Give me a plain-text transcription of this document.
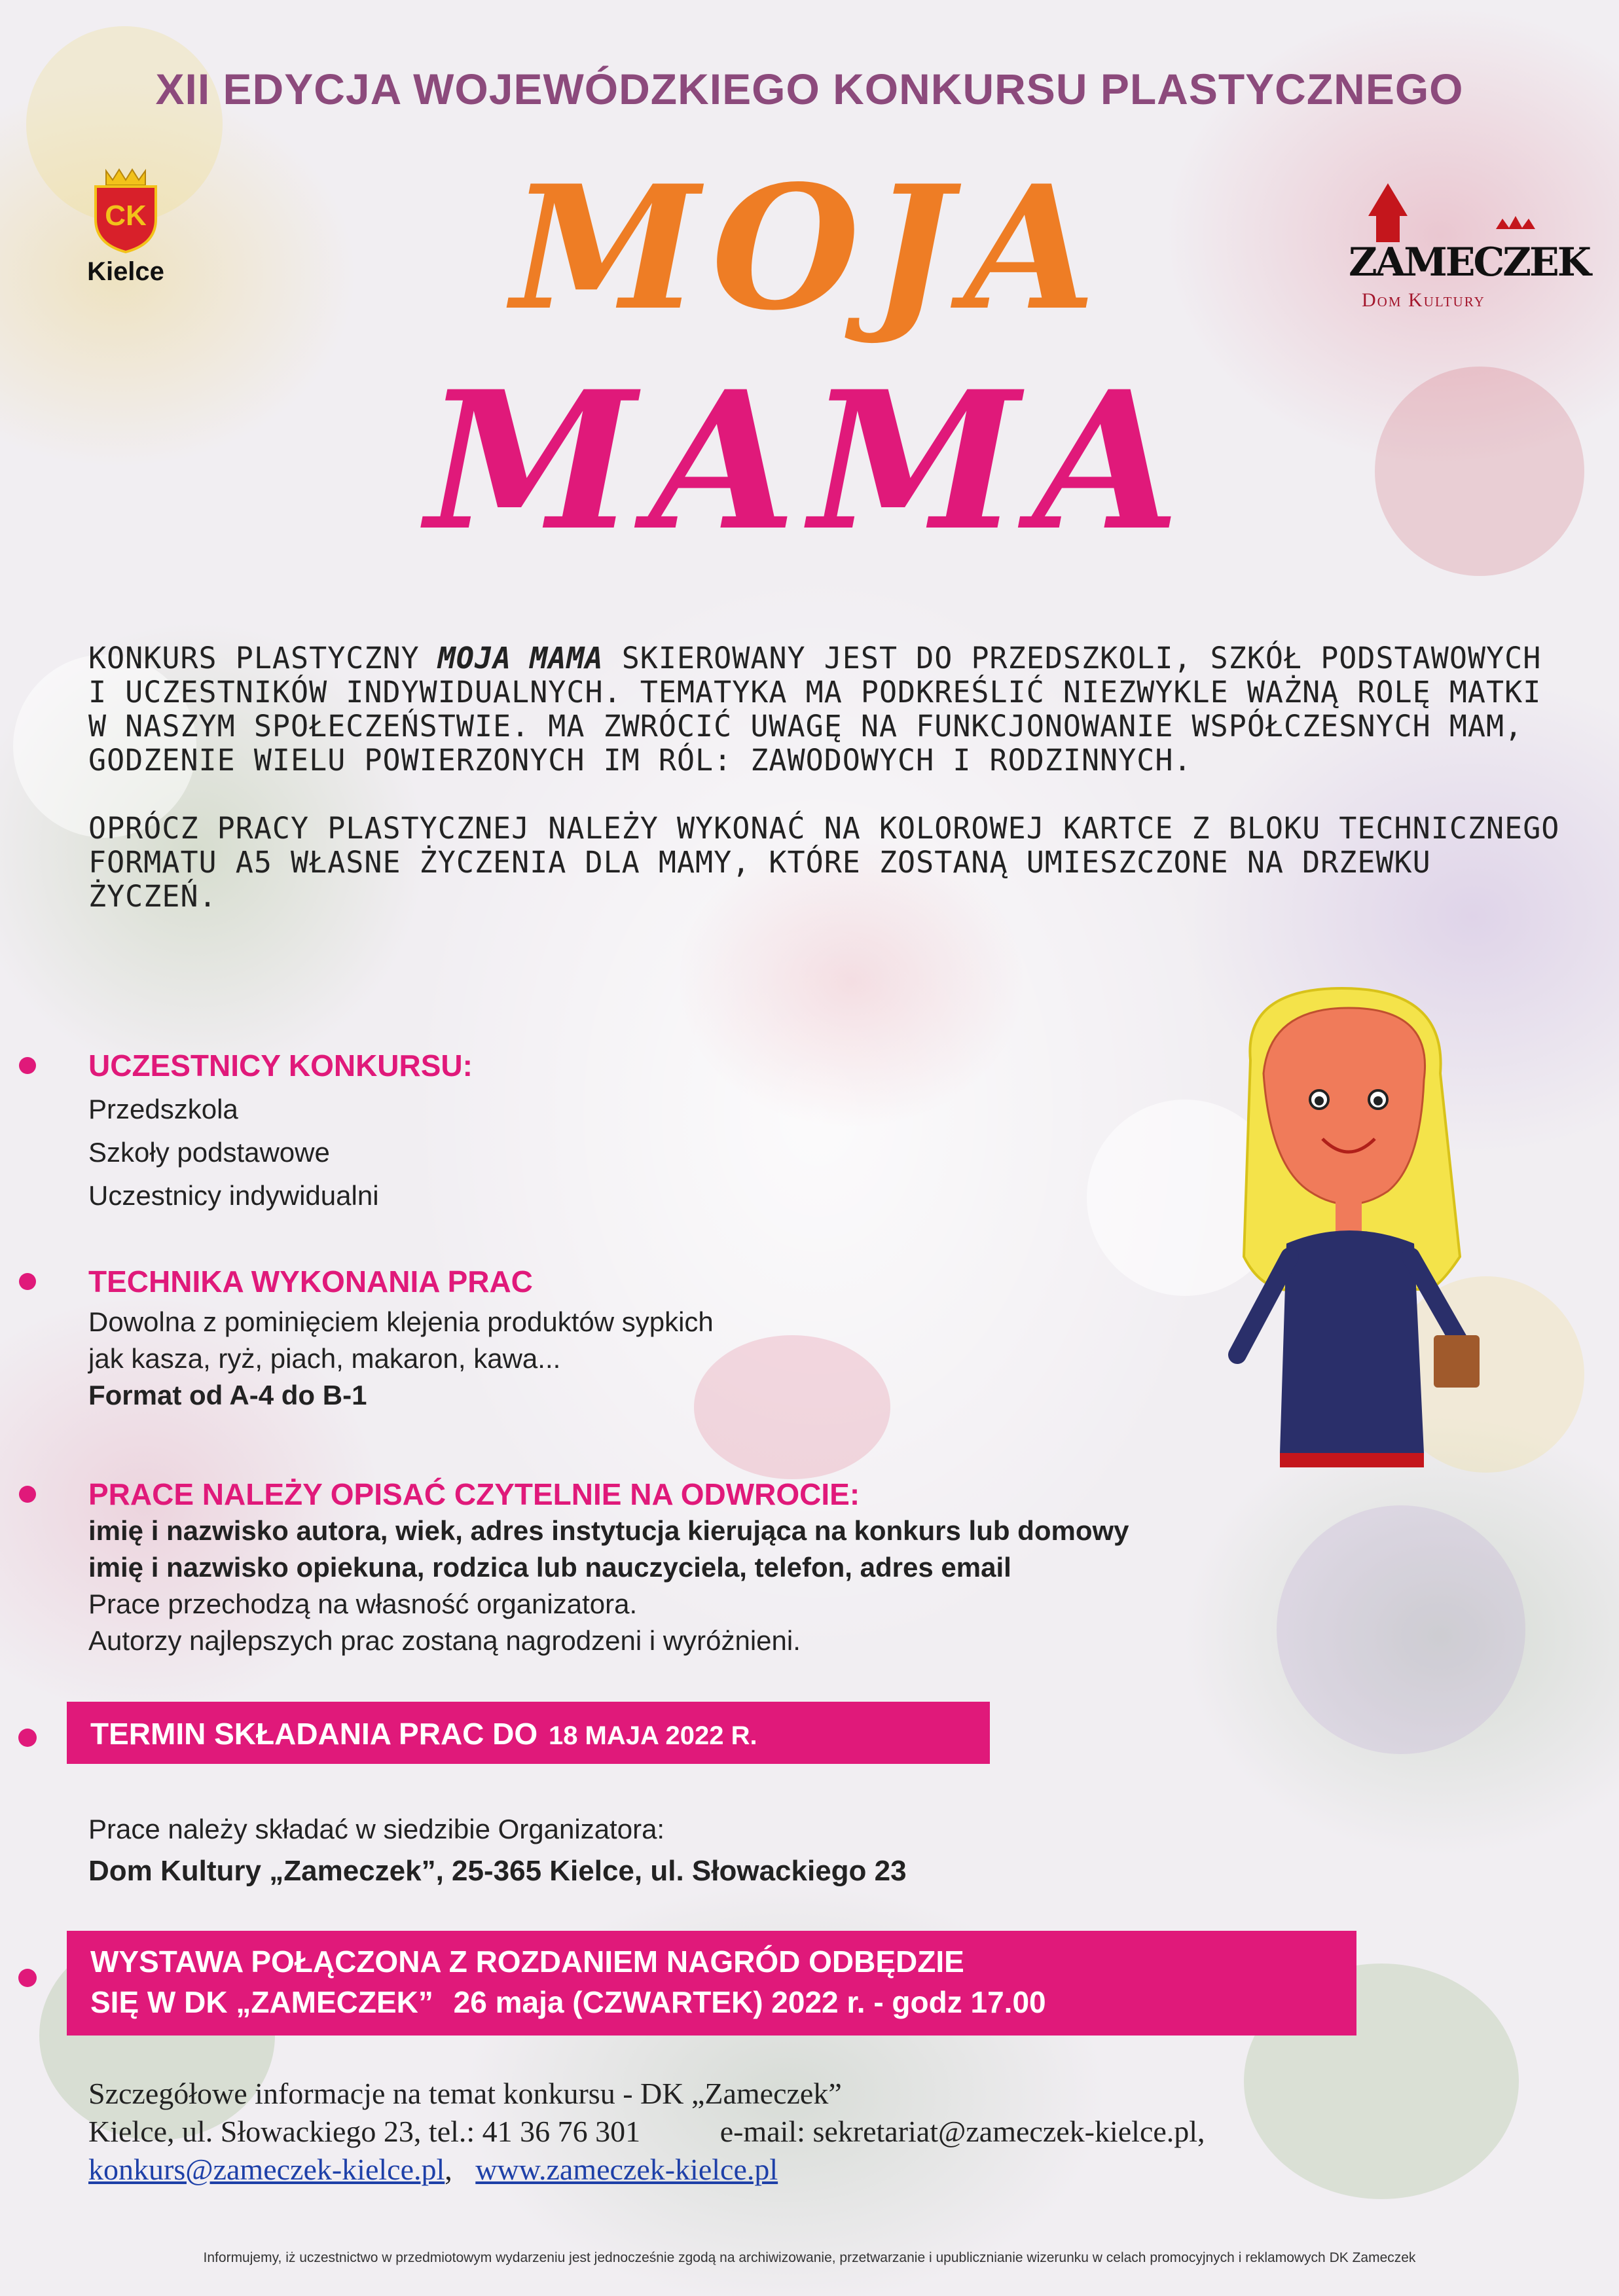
XII EDYCJA WOJEWÓDZKIEGO KONKURSU PLASTYCZNEGO
CK
Kielce	ZAMECZEK
Dom Kultury
MOJA
MAMA

KONKURS PLASTYCZNY MOJA MAMA SKIEROWANY JEST DO PRZEDSZKOLI, SZKÓŁ PODSTAWOWYCH I UCZESTNIKÓW INDYWIDUALNYCH. TEMATYKA MA PODKREŚLIĆ NIEZWYKLE WAŻNĄ ROLĘ MATKI W NASZYM SPOŁECZEŃSTWIE. MA ZWRÓCIĆ UWAGĘ NA FUNKCJONOWANIE WSPÓŁCZESNYCH MAM, GODZENIE WIELU POWIERZONYCH IM RÓL: ZAWODOWYCH I RODZINNYCH.

OPRÓCZ PRACY PLASTYCZNEJ NALEŻY WYKONAĆ NA KOLOROWEJ KARTCE Z BLOKU TECHNICZNEGO FORMATU A5 WŁASNE ŻYCZENIA DLA MAMY, KTÓRE ZOSTANĄ UMIESZCZONE NA DRZEWKU ŻYCZEŃ.

UCZESTNICY KONKURSU:
Przedszkola
Szkoły podstawowe
Uczestnicy indywidualni
TECHNIKA WYKONANIA PRAC
Dowolna z pominięciem klejenia produktów sypkich
jak kasza, ryż, piach, makaron, kawa...
Format od A-4 do B-1
PRACE NALEŻY OPISAĆ CZYTELNIE NA ODWROCIE:
imię i nazwisko autora, wiek, adres instytucja kierująca na konkurs lub domowy
imię i nazwisko opiekuna, rodzica lub nauczyciela, telefon, adres email
Prace przechodzą na własność organizatora.
Autorzy najlepszych prac zostaną nagrodzeni i wyróżnieni.
TERMIN SKŁADANIA PRAC DO 18 MAJA 2022 R.
Prace należy składać w siedzibie Organizatora:
Dom Kultury „Zameczek”, 25-365 Kielce, ul. Słowackiego 23
WYSTAWA POŁĄCZONA Z ROZDANIEM NAGRÓD ODBĘDZIE
SIĘ W DK „ZAMECZEK” 26 maja (CZWARTEK) 2022 r. - godz 17.00
Szczegółowe informacje na temat konkursu - DK „Zameczek”
Kielce, ul. Słowackiego 23, tel.: 41 36 76 301	e-mail: sekretariat@zameczek-kielce.pl,
konkurs@zameczek-kielce.pl, www.zameczek-kielce.pl
Informujemy, iż uczestnictwo w przedmiotowym wydarzeniu jest jednocześnie zgodą na archiwizowanie, przetwarzanie i upublicznianie wizerunku w celach promocyjnych i reklamowych DK Zameczek
